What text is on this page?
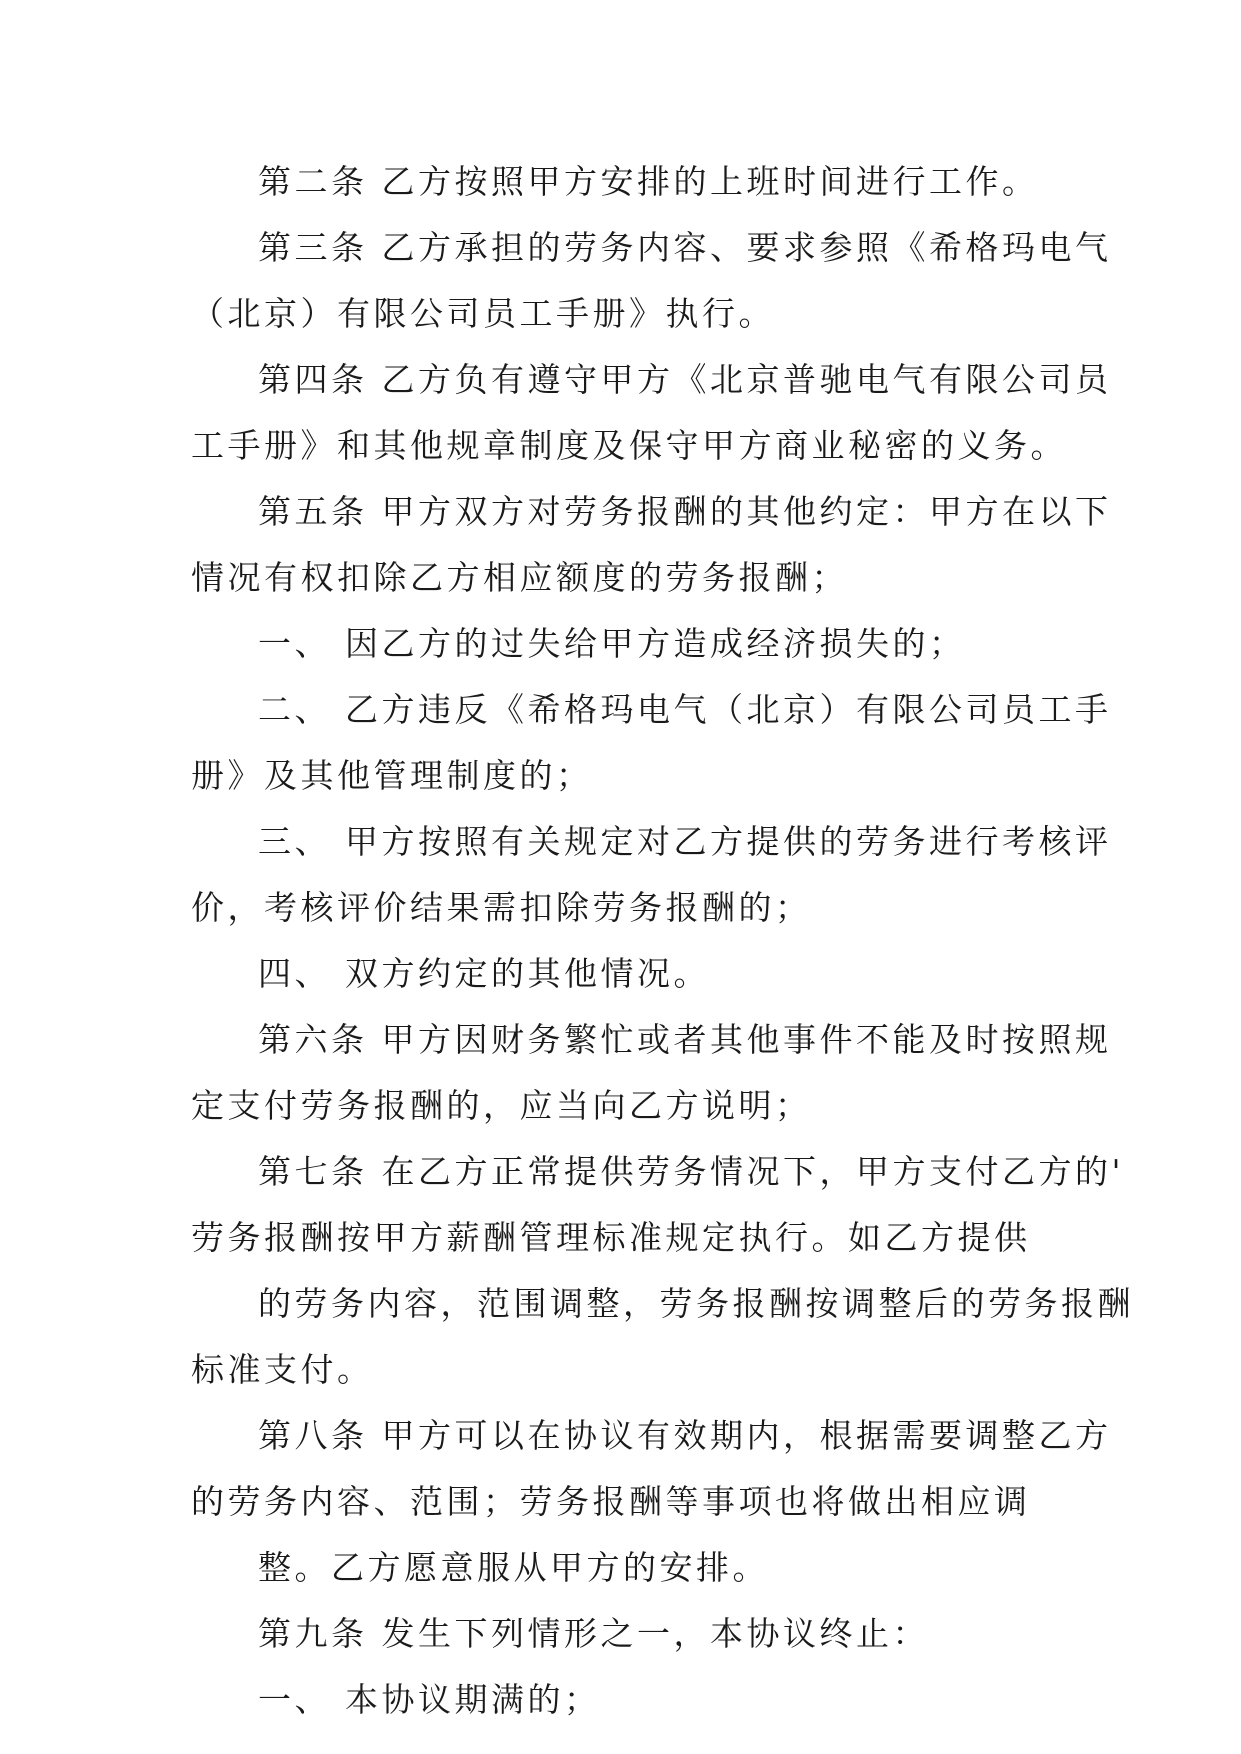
第二条 乙方按照甲方安排的上班时间进行工作。
第三条 乙方承担的劳务内容、要求参照《希格玛电气
（北京）有限公司员工手册》执行。
第四条 乙方负有遵守甲方《北京普驰电气有限公司员
工手册》和其他规章制度及保守甲方商业秘密的义务。
第五条 甲方双方对劳务报酬的其他约定：甲方在以下
情况有权扣除乙方相应额度的劳务报酬；
一、 因乙方的过失给甲方造成经济损失的；
二、 乙方违反《希格玛电气（北京）有限公司员工手
册》及其他管理制度的；
三、 甲方按照有关规定对乙方提供的劳务进行考核评
价，考核评价结果需扣除劳务报酬的；
四、 双方约定的其他情况。
第六条 甲方因财务繁忙或者其他事件不能及时按照规
定支付劳务报酬的，应当向乙方说明；
第七条 在乙方正常提供劳务情况下，甲方支付乙方的'
劳务报酬按甲方薪酬管理标准规定执行。如乙方提供
的劳务内容，范围调整，劳务报酬按调整后的劳务报酬
标准支付。
第八条 甲方可以在协议有效期内，根据需要调整乙方
的劳务内容、范围；劳务报酬等事项也将做出相应调
整。乙方愿意服从甲方的安排。
第九条 发生下列情形之一，本协议终止：
一、 本协议期满的；
